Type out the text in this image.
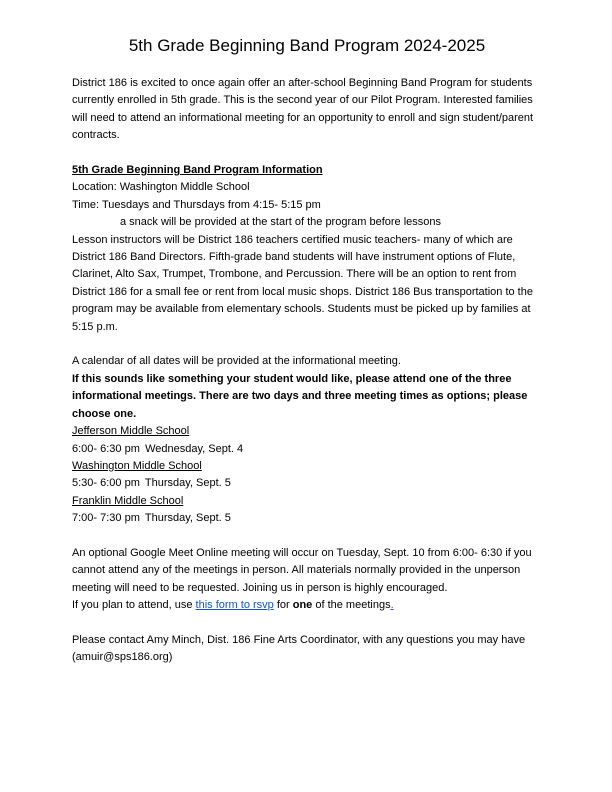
5th Grade Beginning Band Program 2024-2025

District 186 is excited to once again offer an after-school Beginning Band Program for students currently enrolled in 5th grade. This is the second year of our Pilot Program. Interested families will need to attend an informational meeting for an opportunity to enroll and sign student/parent contracts.

5th Grade Beginning Band Program Information

Location: Washington Middle School

Time: Tuesdays and Thursdays from 4:15- 5:15 pm

a snack will be provided at the start of the program before lessons

Lesson instructors will be District 186 teachers certified music teachers- many of which are District 186 Band Directors. Fifth-grade band students will have instrument options of Flute, Clarinet, Alto Sax, Trumpet, Trombone, and Percussion. There will be an option to rent from District 186 for a small fee or rent from local music shops. District 186 Bus transportation to the program may be available from elementary schools. Students must be picked up by families at 5:15 p.m.

A calendar of all dates will be provided at the informational meeting.

If this sounds like something your student would like, please attend one of the three informational meetings. There are two days and three meeting times as options; please choose one.

Jefferson Middle School

6:00- 6:30 pm Wednesday, Sept. 4

Washington Middle School

5:30- 6:00 pm Thursday, Sept. 5

Franklin Middle School

7:00- 7:30 pm Thursday, Sept. 5

An optional Google Meet Online meeting will occur on Tuesday, Sept. 10 from 6:00- 6:30 if you cannot attend any of the meetings in person. All materials normally provided in the unperson meeting will need to be requested. Joining us in person is highly encouraged.

If you plan to attend, use this form to rsvp for one of the meetings.

Please contact Amy Minch, Dist. 186 Fine Arts Coordinator, with any questions you may have (amuir@sps186.org)
